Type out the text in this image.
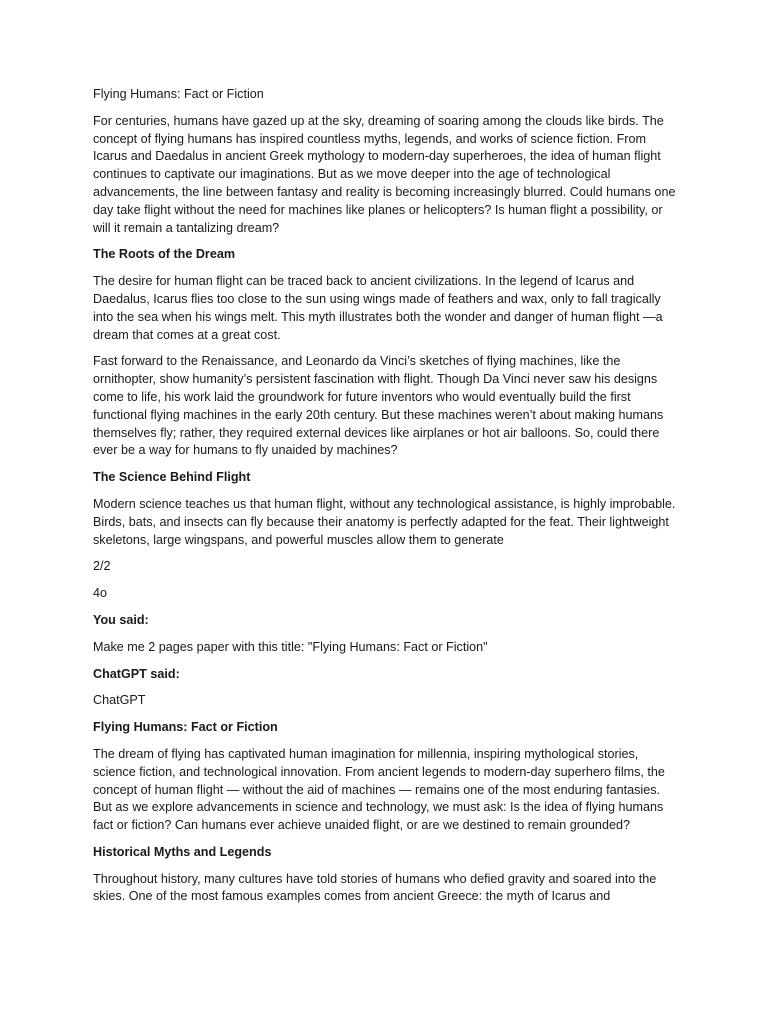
Flying Humans: Fact or Fiction

For centuries, humans have gazed up at the sky, dreaming of soaring among the clouds like birds. The concept of flying humans has inspired countless myths, legends, and works of science fiction. From Icarus and Daedalus in ancient Greek mythology to modern-day superheroes, the idea of human flight continues to captivate our imaginations. But as we move deeper into the age of technological advancements, the line between fantasy and reality is becoming increasingly blurred. Could humans one day take flight without the need for machines like planes or helicopters? Is human flight a possibility, or will it remain a tantalizing dream?

The Roots of the Dream

The desire for human flight can be traced back to ancient civilizations. In the legend of Icarus and Daedalus, Icarus flies too close to the sun using wings made of feathers and wax, only to fall tragically into the sea when his wings melt. This myth illustrates both the wonder and danger of human flight —a dream that comes at a great cost.

Fast forward to the Renaissance, and Leonardo da Vinci’s sketches of flying machines, like the ornithopter, show humanity’s persistent fascination with flight. Though Da Vinci never saw his designs come to life, his work laid the groundwork for future inventors who would eventually build the first functional flying machines in the early 20th century. But these machines weren’t about making humans themselves fly; rather, they required external devices like airplanes or hot air balloons. So, could there ever be a way for humans to fly unaided by machines?

The Science Behind Flight

Modern science teaches us that human flight, without any technological assistance, is highly improbable. Birds, bats, and insects can fly because their anatomy is perfectly adapted for the feat. Their lightweight skeletons, large wingspans, and powerful muscles allow them to generate

2/2

4o

You said:

Make me 2 pages paper with this title: "Flying Humans: Fact or Fiction"

ChatGPT said:

ChatGPT

Flying Humans: Fact or Fiction

The dream of flying has captivated human imagination for millennia, inspiring mythological stories, science fiction, and technological innovation. From ancient legends to modern-day superhero films, the concept of human flight — without the aid of machines — remains one of the most enduring fantasies. But as we explore advancements in science and technology, we must ask: Is the idea of flying humans fact or fiction? Can humans ever achieve unaided flight, or are we destined to remain grounded?

Historical Myths and Legends

Throughout history, many cultures have told stories of humans who defied gravity and soared into the skies. One of the most famous examples comes from ancient Greece: the myth of Icarus and
